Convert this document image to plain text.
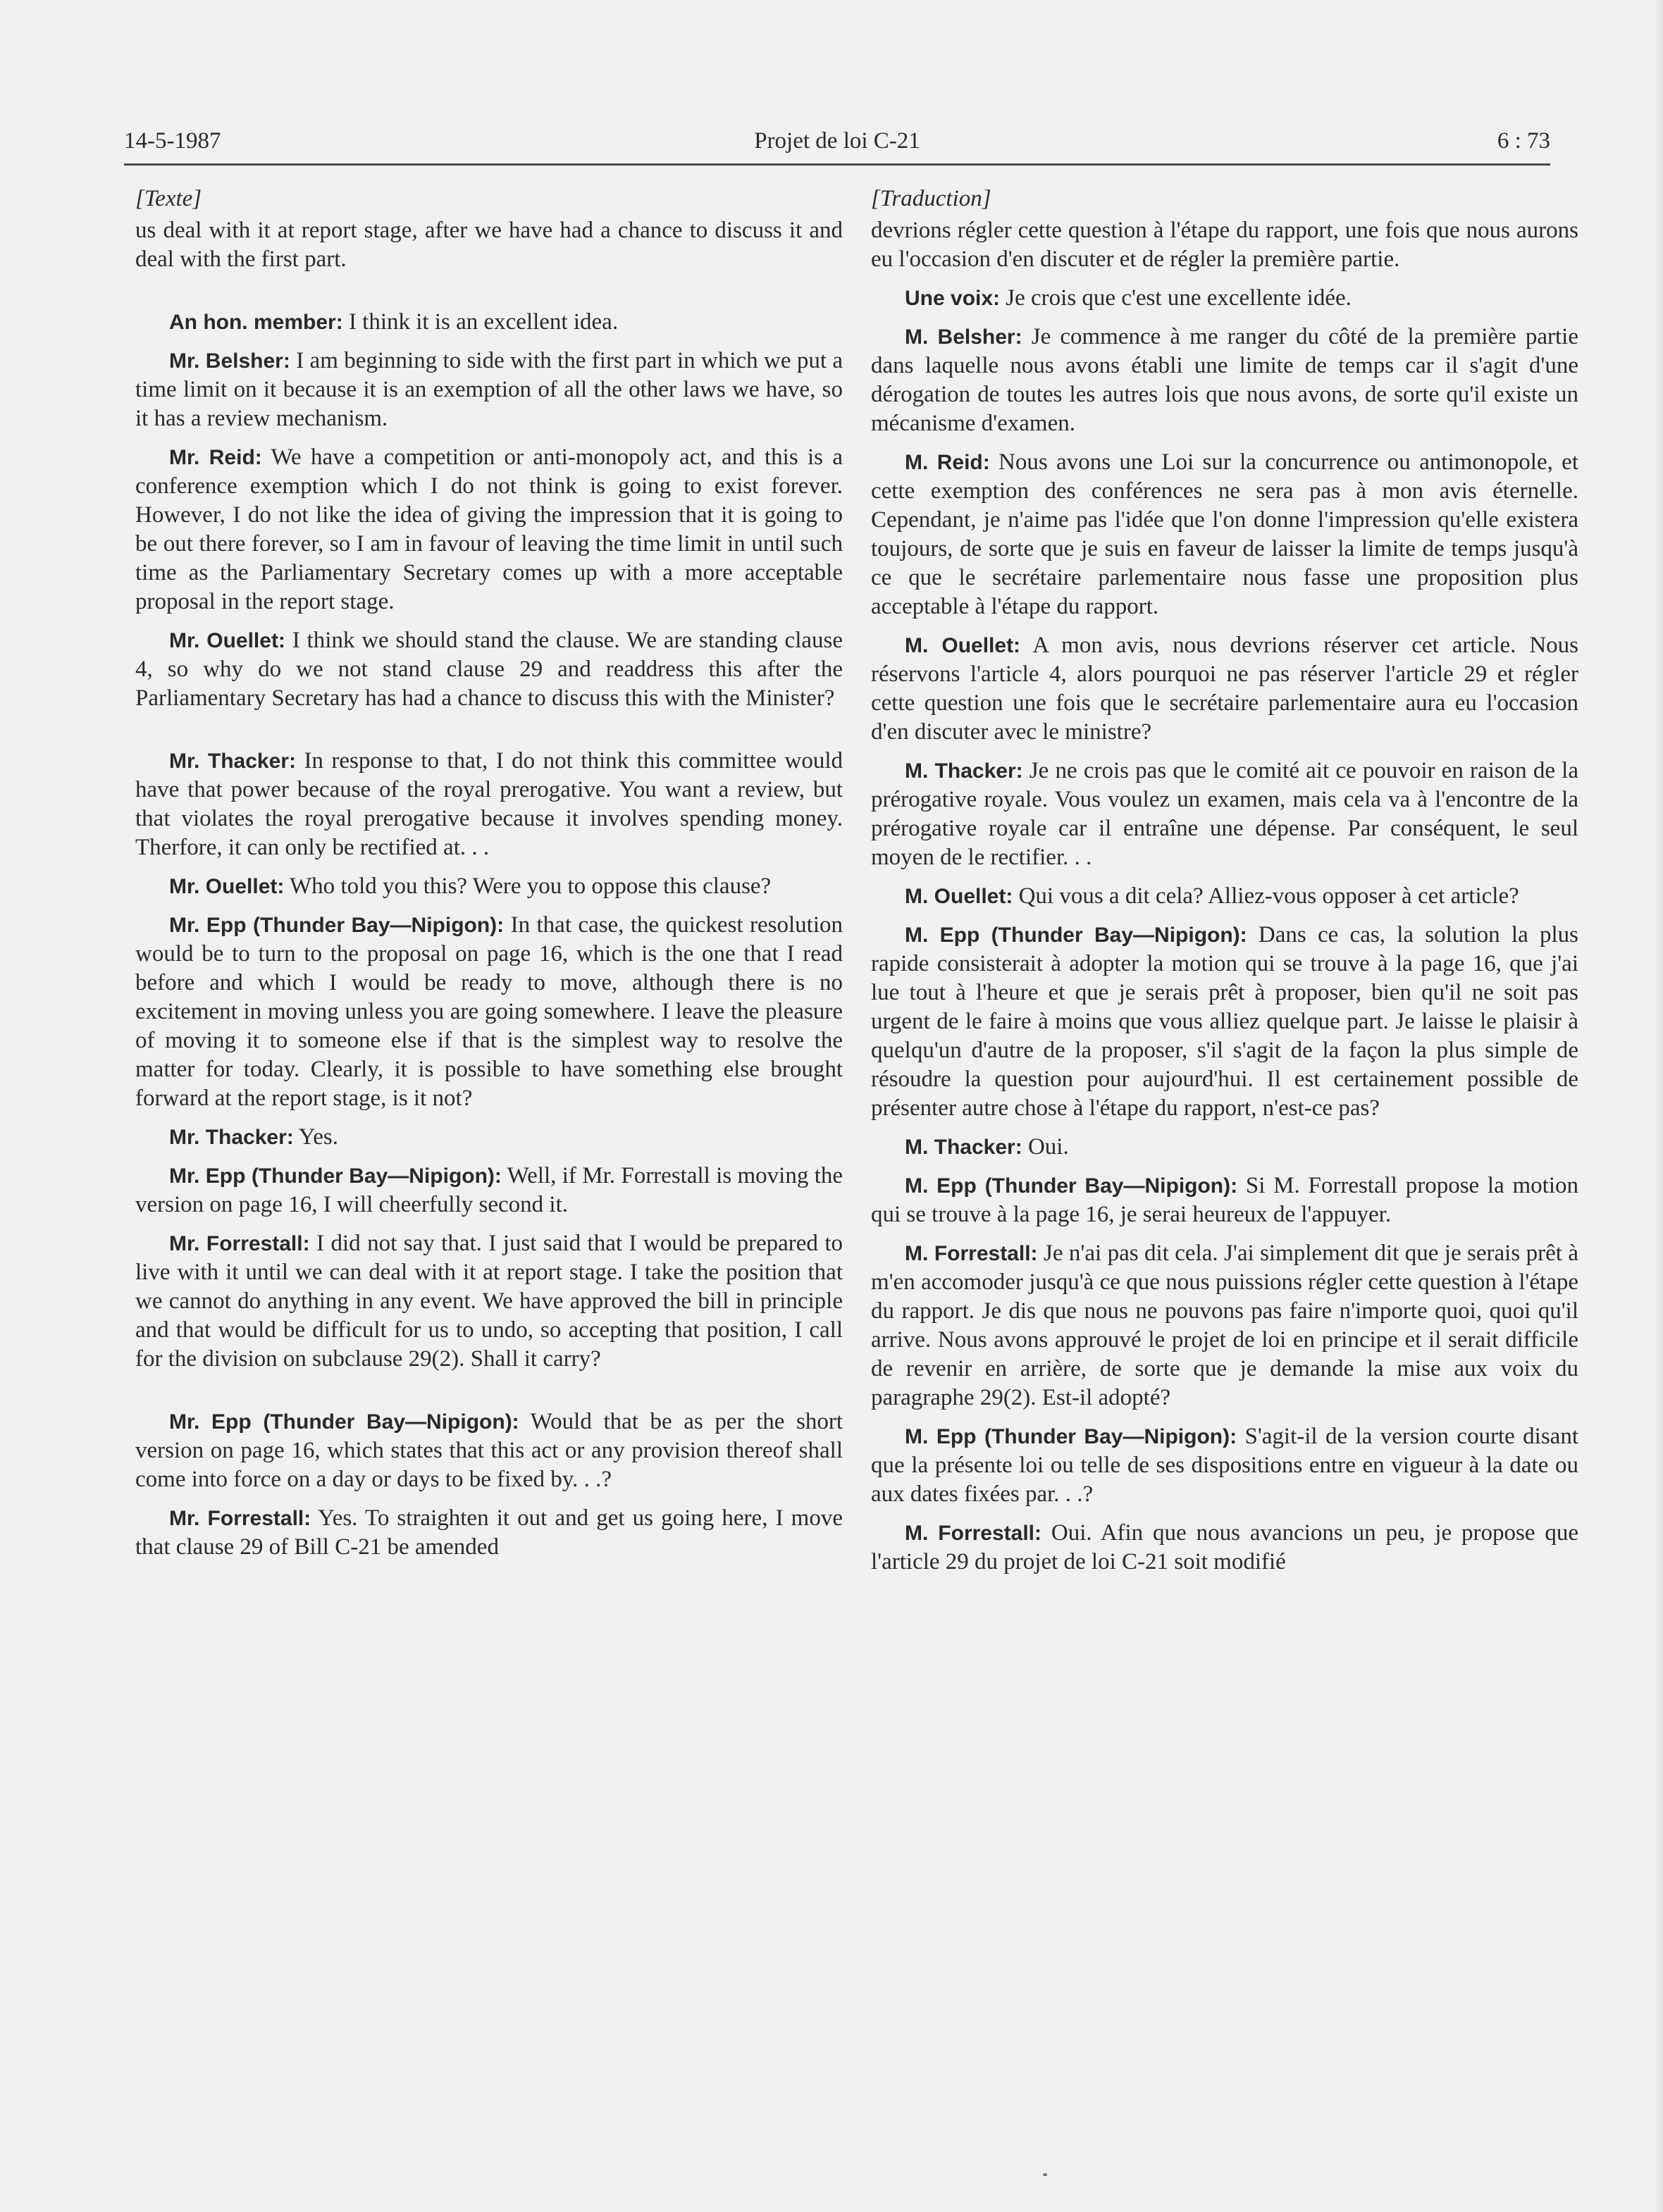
14-5-1987	Projet de loi C-21	6 : 73
[Texte]

us deal with it at report stage, after we have had a chance to discuss it and deal with the first part.

An hon. member: I think it is an excellent idea.

Mr. Belsher: I am beginning to side with the first part in which we put a time limit on it because it is an exemption of all the other laws we have, so it has a review mechanism.

Mr. Reid: We have a competition or anti-monopoly act, and this is a conference exemption which I do not think is going to exist forever. However, I do not like the idea of giving the impression that it is going to be out there forever, so I am in favour of leaving the time limit in until such time as the Parliamentary Secretary comes up with a more acceptable proposal in the report stage.

Mr. Ouellet: I think we should stand the clause. We are standing clause 4, so why do we not stand clause 29 and readdress this after the Parliamentary Secretary has had a chance to discuss this with the Minister?

Mr. Thacker: In response to that, I do not think this committee would have that power because of the royal prerogative. You want a review, but that violates the royal prerogative because it involves spending money. Therfore, it can only be rectified at. . .

Mr. Ouellet: Who told you this? Were you to oppose this clause?

Mr. Epp (Thunder Bay—Nipigon): In that case, the quickest resolution would be to turn to the proposal on page 16, which is the one that I read before and which I would be ready to move, although there is no excitement in moving unless you are going somewhere. I leave the pleasure of moving it to someone else if that is the simplest way to resolve the matter for today. Clearly, it is possible to have something else brought forward at the report stage, is it not?

Mr. Thacker: Yes.

Mr. Epp (Thunder Bay—Nipigon): Well, if Mr. Forrestall is moving the version on page 16, I will cheerfully second it.

Mr. Forrestall: I did not say that. I just said that I would be prepared to live with it until we can deal with it at report stage. I take the position that we cannot do anything in any event. We have approved the bill in principle and that would be difficult for us to undo, so accepting that position, I call for the division on subclause 29(2). Shall it carry?

Mr. Epp (Thunder Bay—Nipigon): Would that be as per the short version on page 16, which states that this act or any provision thereof shall come into force on a day or days to be fixed by. . .?

Mr. Forrestall: Yes. To straighten it out and get us going here, I move that clause 29 of Bill C-21 be amended

[Traduction]

devrions régler cette question à l'étape du rapport, une fois que nous aurons eu l'occasion d'en discuter et de régler la première partie.

Une voix: Je crois que c'est une excellente idée.

M. Belsher: Je commence à me ranger du côté de la première partie dans laquelle nous avons établi une limite de temps car il s'agit d'une dérogation de toutes les autres lois que nous avons, de sorte qu'il existe un mécanisme d'examen.

M. Reid: Nous avons une Loi sur la concurrence ou antimonopole, et cette exemption des conférences ne sera pas à mon avis éternelle. Cependant, je n'aime pas l'idée que l'on donne l'impression qu'elle existera toujours, de sorte que je suis en faveur de laisser la limite de temps jusqu'à ce que le secrétaire parlementaire nous fasse une proposition plus acceptable à l'étape du rapport.

M. Ouellet: A mon avis, nous devrions réserver cet article. Nous réservons l'article 4, alors pourquoi ne pas réserver l'article 29 et régler cette question une fois que le secrétaire parlementaire aura eu l'occasion d'en discuter avec le ministre?

M. Thacker: Je ne crois pas que le comité ait ce pouvoir en raison de la prérogative royale. Vous voulez un examen, mais cela va à l'encontre de la prérogative royale car il entraîne une dépense. Par conséquent, le seul moyen de le rectifier. . .

M. Ouellet: Qui vous a dit cela? Alliez-vous opposer à cet article?

M. Epp (Thunder Bay—Nipigon): Dans ce cas, la solution la plus rapide consisterait à adopter la motion qui se trouve à la page 16, que j'ai lue tout à l'heure et que je serais prêt à proposer, bien qu'il ne soit pas urgent de le faire à moins que vous alliez quelque part. Je laisse le plaisir à quelqu'un d'autre de la proposer, s'il s'agit de la façon la plus simple de résoudre la question pour aujourd'hui. Il est certainement possible de présenter autre chose à l'étape du rapport, n'est-ce pas?

M. Thacker: Oui.

M. Epp (Thunder Bay—Nipigon): Si M. Forrestall propose la motion qui se trouve à la page 16, je serai heureux de l'appuyer.

M. Forrestall: Je n'ai pas dit cela. J'ai simplement dit que je serais prêt à m'en accomoder jusqu'à ce que nous puissions régler cette question à l'étape du rapport. Je dis que nous ne pouvons pas faire n'importe quoi, quoi qu'il arrive. Nous avons approuvé le projet de loi en principe et il serait difficile de revenir en arrière, de sorte que je demande la mise aux voix du paragraphe 29(2). Est-il adopté?

M. Epp (Thunder Bay—Nipigon): S'agit-il de la version courte disant que la présente loi ou telle de ses dispositions entre en vigueur à la date ou aux dates fixées par. . .?

M. Forrestall: Oui. Afin que nous avancions un peu, je propose que l'article 29 du projet de loi C-21 soit modifié
